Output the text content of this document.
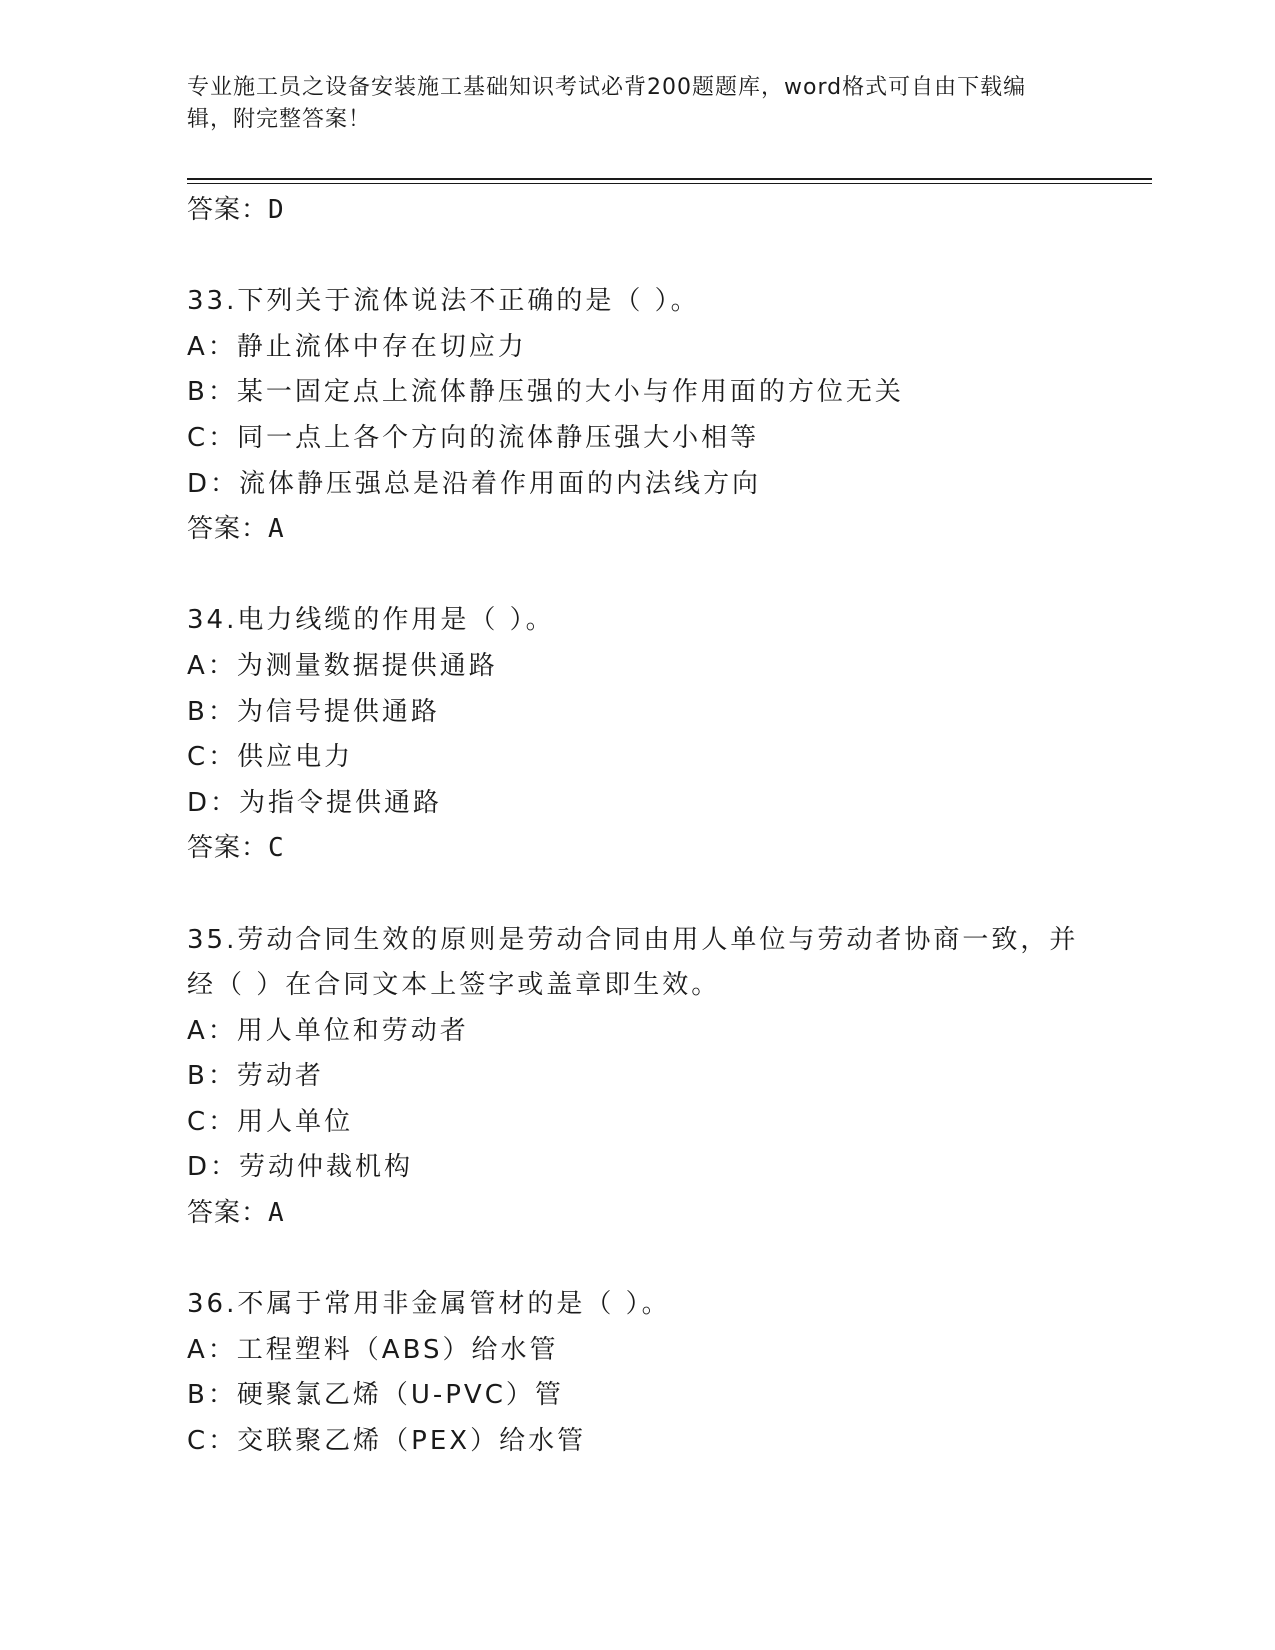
专业施工员之设备安装施工基础知识考试必背200题题库，word格式可自由下载编辑，附完整答案！
答案：D
33.下列关于流体说法不正确的是（ ）。
A：静止流体中存在切应力
B：某一固定点上流体静压强的大小与作用面的方位无关
C：同一点上各个方向的流体静压强大小相等
D：流体静压强总是沿着作用面的内法线方向
答案：A
34.电力线缆的作用是（ ）。
A：为测量数据提供通路
B：为信号提供通路
C：供应电力
D：为指令提供通路
答案：C
35.劳动合同生效的原则是劳动合同由用人单位与劳动者协商一致，并经（ ）在合同文本上签字或盖章即生效。
A：用人单位和劳动者
B：劳动者
C：用人单位
D：劳动仲裁机构
答案：A
36.不属于常用非金属管材的是（ ）。
A：工程塑料（ABS）给水管
B：硬聚氯乙烯（U-PVC）管
C：交联聚乙烯（PEX）给水管
